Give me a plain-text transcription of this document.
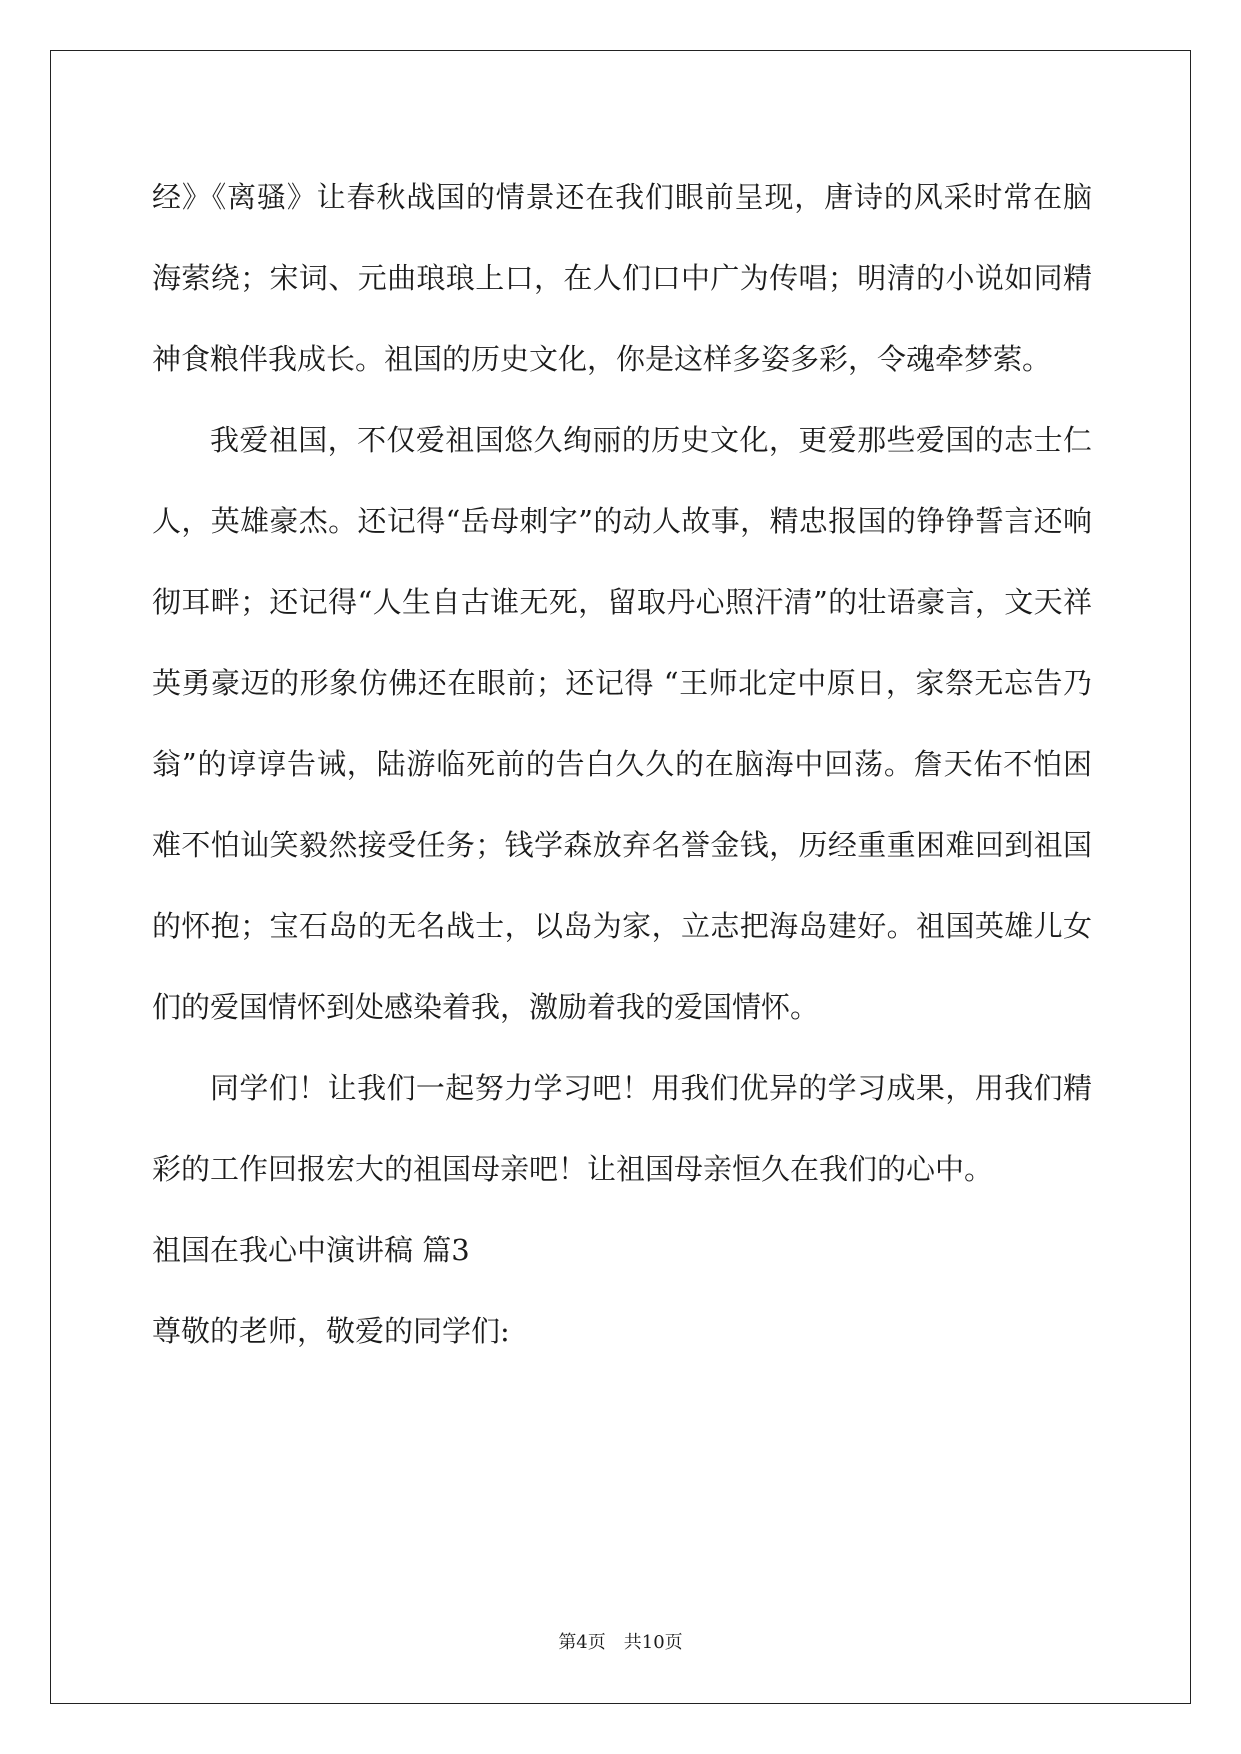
经》《离骚》让春秋战国的情景还在我们眼前呈现，唐诗的风采时常在脑海萦绕；宋词、元曲琅琅上口，在人们口中广为传唱；明清的小说如同精神食粮伴我成长。祖国的历史文化，你是这样多姿多彩，令魂牵梦萦。

我爱祖国，不仅爱祖国悠久绚丽的历史文化，更爱那些爱国的志士仁人，英雄豪杰。还记得“岳母刺字”的动人故事，精忠报国的铮铮誓言还响彻耳畔；还记得“人生自古谁无死，留取丹心照汗清”的壮语豪言，文天祥英勇豪迈的形象仿佛还在眼前；还记得 “王师北定中原日，家祭无忘告乃翁”的谆谆告诫，陆游临死前的告白久久的在脑海中回荡。詹天佑不怕困难不怕讪笑毅然接受任务；钱学森放弃名誉金钱，历经重重困难回到祖国的怀抱；宝石岛的无名战士，以岛为家，立志把海岛建好。祖国英雄儿女们的爱国情怀到处感染着我，激励着我的爱国情怀。

同学们！让我们一起努力学习吧！用我们优异的学习成果，用我们精彩的工作回报宏大的祖国母亲吧！让祖国母亲恒久在我们的心中。

祖国在我心中演讲稿 篇3

尊敬的老师，敬爱的同学们:

第4页　共10页
